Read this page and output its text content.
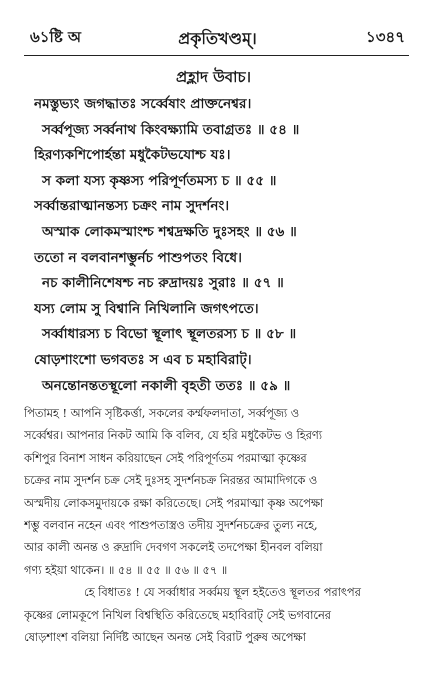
৬১ষ্টি অ	প্রকৃতিখণ্ডম্।	১৩৪৭
প্রহ্লাদ উবাচ।
নমস্তুভ্যং জগদ্ধাতঃ সর্ব্বেষাং প্রাক্তনেশ্বর।
সর্ব্বপূজ্য সর্ব্বনাথ কিংবক্ষ্যামি তবাগ্রতঃ ॥ ৫৪ ॥
হিরণ্যকশিপোর্হন্তা মধুকৈটভযোশ্চ যঃ।
স কলা যস্য কৃষ্ণস্য পরিপূর্ণতমস্য চ ॥ ৫৫ ॥
সর্ব্বান্তরাত্মানন্তস্য চক্রং নাম সুদর্শনং।
অস্মাক লোকমস্মাংশ্চ শশ্বদ্রক্ষতি দুঃসহং ॥ ৫৬ ॥
ততো ন বলবানশম্ভুর্নচ পাশুপতং বিধে।
নচ কালীনিশেষশ্চ নচ রুদ্রাদয়ঃ সুরাঃ ॥ ৫৭ ॥
যস্য লোম সু বিশ্বানি নিখিলানি জগৎপতে।
সর্ব্বাধারস্য চ বিভো স্থূলাৎ স্থূলতরস্য চ ॥ ৫৮ ॥
ষোড়শাংশো ভগবতঃ স এব চ মহাবিরাট্।
অনন্তোনন্ততস্থূলো নকালী বৃহতী ততঃ ॥ ৫৯ ॥
পিতামহ ! আপনি সৃষ্টিকর্ত্তা, সকলের কর্ম্মফলদাতা, সর্ব্বপূজ্য ও
সর্ব্বেশ্বর। আপনার নিকট আমি কি বলিব, যে হরি মধুকৈটভ ও হিরণ্য
কশিপুর বিনাশ সাধন করিয়াছেন সেই পরিপূর্ণতম পরমাত্মা কৃষ্ণের
চক্রের নাম সুদর্শন চক্র সেই দুঃসহ সুদর্শনচক্র নিরন্তর আমাদিগকে ও
অস্মদীয় লোকসমুদায়কে রক্ষা করিতেছে। সেই পরমাত্মা কৃষ্ণ অপেক্ষা
শম্ভু বলবান নহেন এবং পাশুপতাস্ত্রও তদীয় সুদর্শনচক্রের তুল্য নহে,
আর কালী অনন্ত ও রুদ্রাদি দেবগণ সকলেই তদপেক্ষা হীনবল বলিয়া
গণ্য হইয়া থাকেন। ॥ ৫৪ ॥ ৫৫ ॥ ৫৬ ॥ ৫৭ ॥
হে বিধাতঃ ! যে সর্ব্বাধার সর্ব্বময় স্থূল হইতেও স্থূলতর পরাৎপর
কৃষ্ণের লোমকূপে নিখিল বিশ্বস্থিতি করিতেছে মহাবিরাট্ সেই ভগবানের
ষোড়শাংশ বলিয়া নির্দিষ্ট আছেন অনন্ত সেই বিরাট পুরুষ অপেক্ষা
